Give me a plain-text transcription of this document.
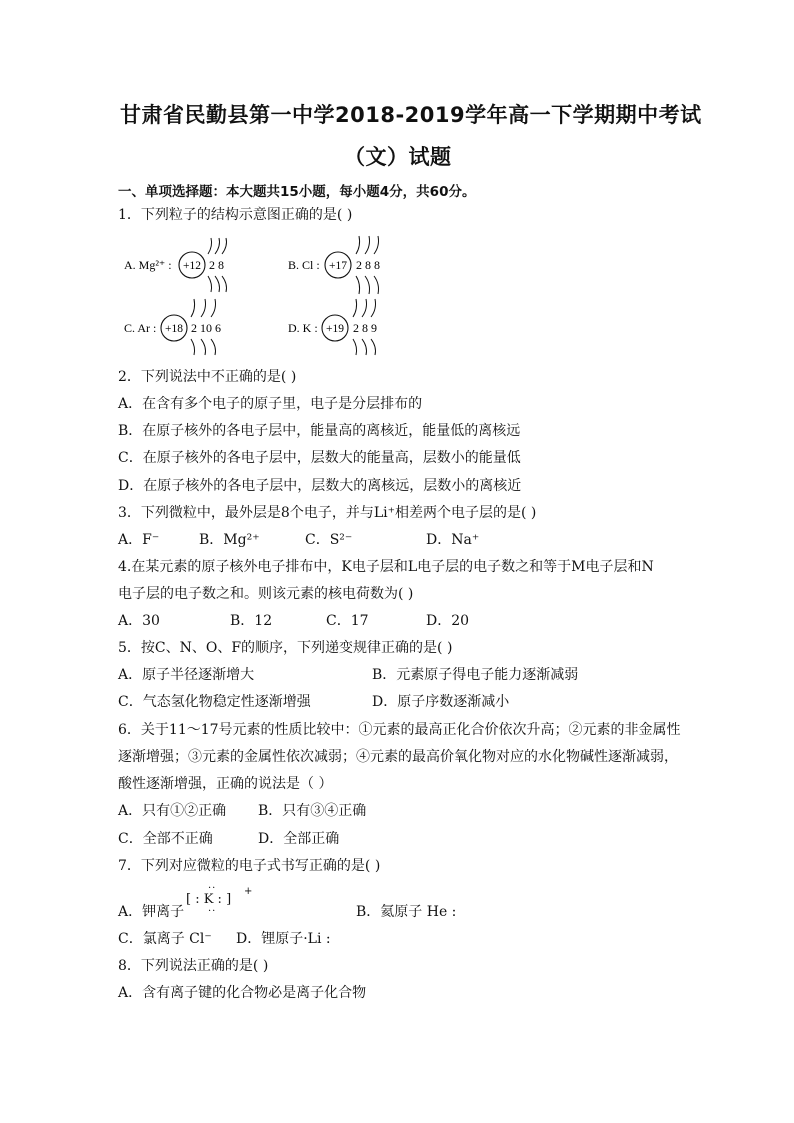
甘肃省民勤县第一中学2018-2019学年高一下学期期中考试
（文）试题
一、单项选择题：本大题共15小题，每小题4分，共60分。
1．下列粒子的结构示意图正确的是( )
A. Mg²⁺ : +12 2 8	B. Cl : +17 2 8 8
C. Ar : +18 2 10 6	D. K : +19 2 8 9
2．下列说法中不正确的是( )
A．在含有多个电子的原子里，电子是分层排布的
B．在原子核外的各电子层中，能量高的离核近，能量低的离核远
C．在原子核外的各电子层中，层数大的能量高，层数小的能量低
D．在原子核外的各电子层中，层数大的离核远，层数小的离核近
3．下列微粒中，最外层是8个电子，并与Li⁺相差两个电子层的是( )
A．F⁻	B．Mg²⁺	C．S²⁻	D．Na⁺
4.在某元素的原子核外电子排布中，K电子层和L电子层的电子数之和等于M电子层和N
电子层的电子数之和。则该元素的核电荷数为( )
A．30	B．12	C．17	D．20
5．按C、N、O、F的顺序，下列递变规律正确的是( )
A．原子半径逐渐增大	B．元素原子得电子能力逐渐减弱
C．气态氢化物稳定性逐渐增强	D．原子序数逐渐减小
6．关于11～17号元素的性质比较中：①元素的最高正化合价依次升高；②元素的非金属性
逐渐增强；③元素的金属性依次减弱；④元素的最高价氧化物对应的水化物碱性逐渐减弱，
酸性逐渐增强，正确的说法是（ ）
A．只有①②正确 B．只有③④正确
C．全部不正确	D．全部正确
7．下列对应微粒的电子式书写正确的是( )
A．钾离子
··
[ : K : ]
+
··	B．氦原子 He :
C．氯离子 Cl⁻ D．锂原子·Li :
8．下列说法正确的是( )
A．含有离子键的化合物必是离子化合物
